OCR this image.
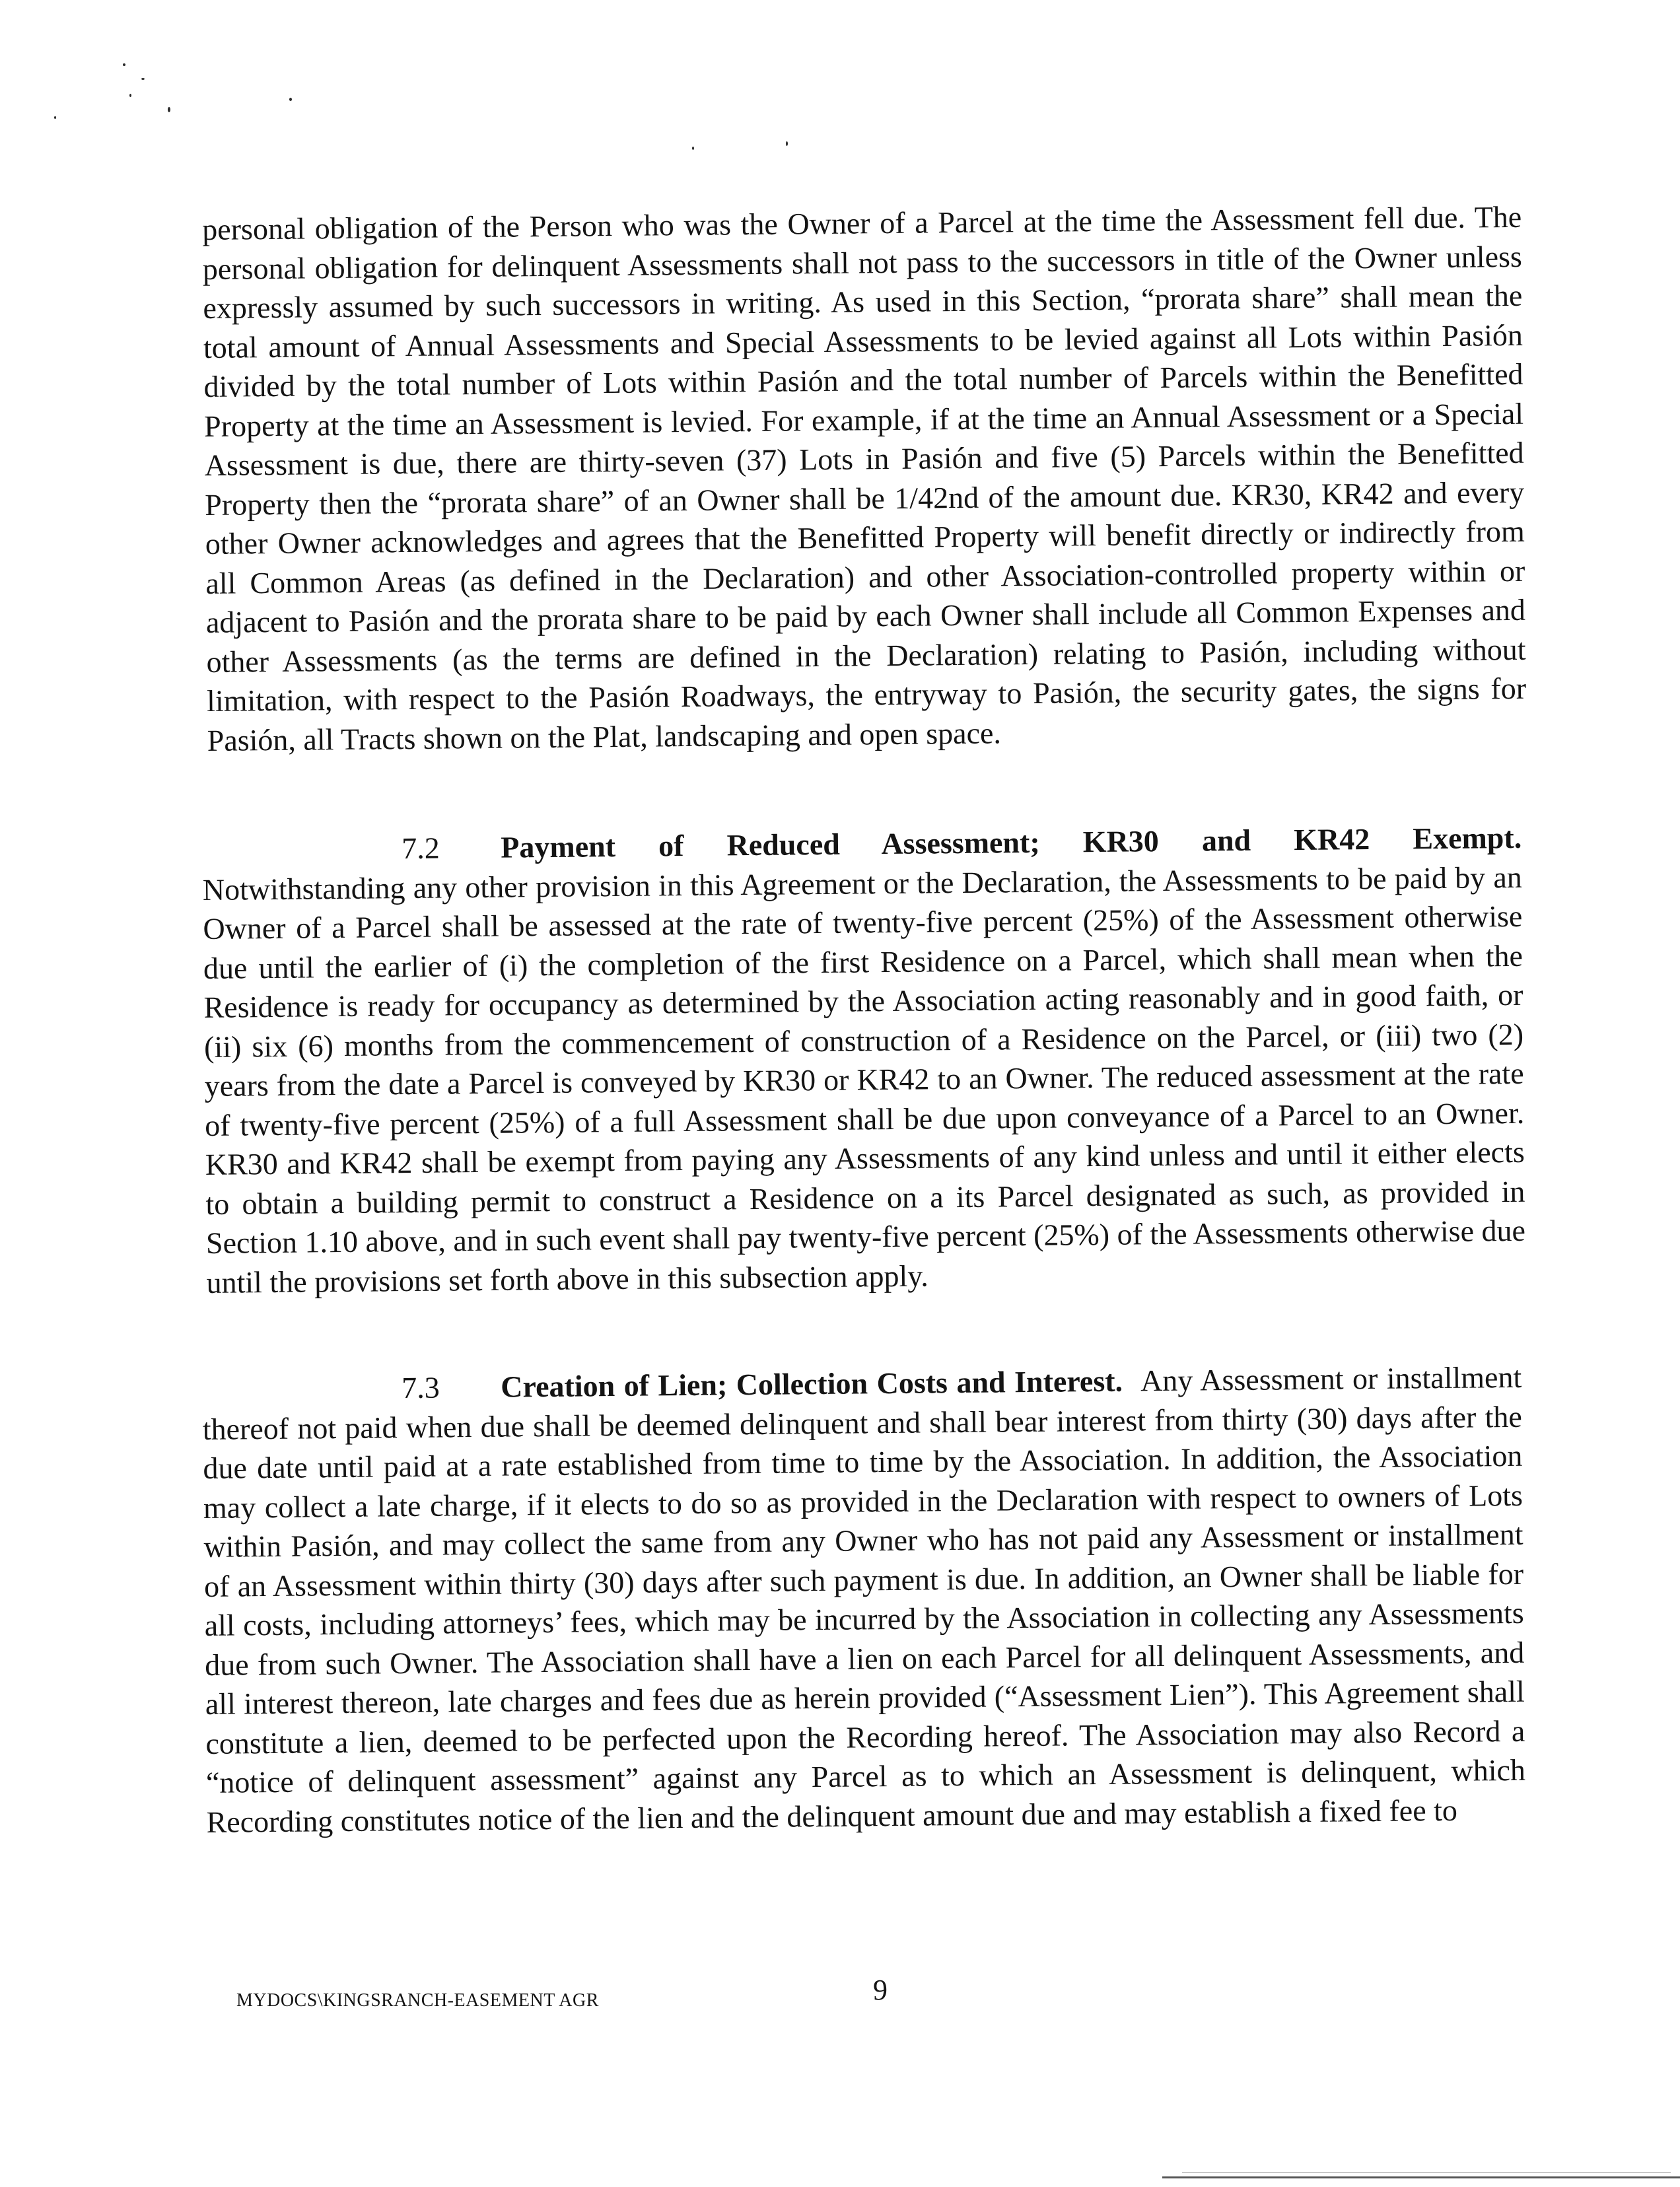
personal obligation of the Person who was the Owner of a Parcel at the time the Assessment fell due. The personal obligation for delinquent Assessments shall not pass to the successors in title of the Owner unless expressly assumed by such successors in writing. As used in this Section, “prorata share” shall mean the total amount of Annual Assessments and Special Assessments to be levied against all Lots within Pasión divided by the total number of Lots within Pasión and the total number of Parcels within the Benefitted Property at the time an Assessment is levied. For example, if at the time an Annual Assessment or a Special Assessment is due, there are thirty-seven (37) Lots in Pasión and five (5) Parcels within the Benefitted Property then the “prorata share” of an Owner shall be 1/42nd of the amount due. KR30, KR42 and every other Owner acknowledges and agrees that the Benefitted Property will benefit directly or indirectly from all Common Areas (as defined in the Declaration) and other Association-controlled property within or adjacent to Pasión and the prorata share to be paid by each Owner shall include all Common Expenses and other Assessments (as the terms are defined in the Declaration) relating to Pasión, including without limitation, with respect to the Pasión Roadways, the entryway to Pasión, the security gates, the signs for Pasión, all Tracts shown on the Plat, landscaping and open space.

7.2 Payment of Reduced Assessment; KR30 and KR42 Exempt. Notwithstanding any other provision in this Agreement or the Declaration, the Assessments to be paid by an Owner of a Parcel shall be assessed at the rate of twenty-five percent (25%) of the Assessment otherwise due until the earlier of (i) the completion of the first Residence on a Parcel, which shall mean when the Residence is ready for occupancy as determined by the Association acting reasonably and in good faith, or (ii) six (6) months from the commencement of construction of a Residence on the Parcel, or (iii) two (2) years from the date a Parcel is conveyed by KR30 or KR42 to an Owner. The reduced assessment at the rate of twenty-five percent (25%) of a full Assessment shall be due upon conveyance of a Parcel to an Owner. KR30 and KR42 shall be exempt from paying any Assessments of any kind unless and until it either elects to obtain a building permit to construct a Residence on a its Parcel designated as such, as provided in Section 1.10 above, and in such event shall pay twenty-five percent (25%) of the Assessments otherwise due until the provisions set forth above in this subsection apply.
7.3 Creation of Lien; Collection Costs and Interest. Any Assessment or installment thereof not paid when due shall be deemed delinquent and shall bear interest from thirty (30) days after the due date until paid at a rate established from time to time by the Association. In addition, the Association may collect a late charge, if it elects to do so as provided in the Declaration with respect to owners of Lots within Pasión, and may collect the same from any Owner who has not paid any Assessment or installment of an Assessment within thirty (30) days after such payment is due. In addition, an Owner shall be liable for all costs, including attorneys’ fees, which may be incurred by the Association in collecting any Assessments due from such Owner. The Association shall have a lien on each Parcel for all delinquent Assessments, and all interest thereon, late charges and fees due as herein provided (“Assessment Lien”). This Agreement shall constitute a lien, deemed to be perfected upon the Recording hereof. The Association may also Record a “notice of delinquent assessment” against any Parcel as to which an Assessment is delinquent, which Recording constitutes notice of the lien and the delinquent amount due and may establish a fixed fee to
9
MYDOCS\KINGSRANCH-EASEMENT AGR
